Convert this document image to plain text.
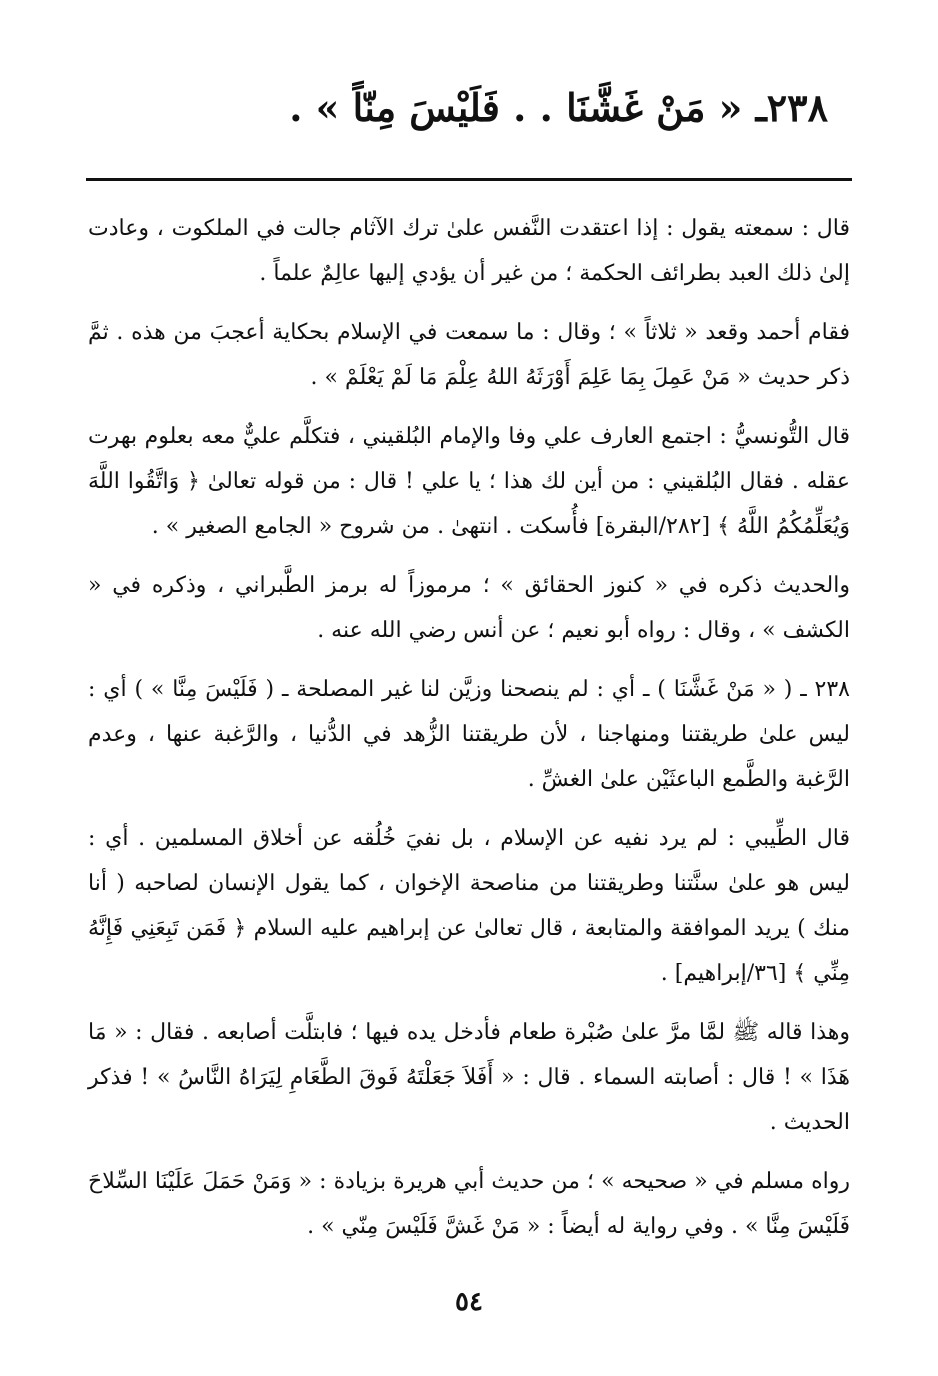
٢٣٨ـ « مَنْ غَشَّنَا . . فَلَيْسَ مِنّاً » .

قال : سمعته يقول : إذا اعتقدت النَّفس علىٰ ترك الآثام جالت في الملكوت ، وعادت إلىٰ ذلك العبد بطرائف الحكمة ؛ من غير أن يؤدي إليها عالِمٌ علماً .

فقام أحمد وقعد « ثلاثاً » ؛ وقال : ما سمعت في الإسلام بحكاية أعجبَ من هذه . ثمَّ ذكر حديث « مَنْ عَمِلَ بِمَا عَلِمَ أَوْرَثَهُ اللهُ عِلْمَ مَا لَمْ يَعْلَمْ » .

قال التُّونسيُّ : اجتمع العارف علي وفا والإمام البُلقيني ، فتكلَّم عليٌّ معه بعلوم بهرت عقله . فقال البُلقيني : من أين لك هذا ؛ يا علي ! قال : من قوله تعالىٰ ﴿ وَاتَّقُوا اللَّهَ وَيُعَلِّمُكُمُ اللَّهُ ﴾ [٢٨٢/البقرة] فأُسكت . انتهىٰ . من شروح « الجامع الصغير » .

والحديث ذكره في « كنوز الحقائق » ؛ مرموزاً له برمز الطَّبراني ، وذكره في « الكشف » ، وقال : رواه أبو نعيم ؛ عن أنس رضي الله عنه .

٢٣٨ ـ ( « مَنْ غَشَّنَا ) ـ أي : لم ينصحنا وزيَّن لنا غير المصلحة ـ ( فَلَيْسَ مِنَّا » ) أي : ليس علىٰ طريقتنا ومنهاجنا ، لأن طريقتنا الزُّهد في الدُّنيا ، والرَّغبة عنها ، وعدم الرَّغبة والطَّمع الباعثَيْن علىٰ الغشِّ .

قال الطِّيبي : لم يرد نفيه عن الإسلام ، بل نفيَ خُلُقه عن أخلاق المسلمين . أي : ليس هو علىٰ سنَّتنا وطريقتنا من مناصحة الإخوان ، كما يقول الإنسان لصاحبه ( أنا منك ) يريد الموافقة والمتابعة ، قال تعالىٰ عن إبراهيم عليه السلام ﴿ فَمَن تَبِعَنِي فَإِنَّهُ مِنِّي ﴾ [٣٦/إبراهيم] .

وهذا قاله ﷺ لمَّا مرَّ علىٰ صُبْرة طعام فأدخل يده فيها ؛ فابتلَّت أصابعه . فقال : « مَا هَذَا » ! قال : أصابته السماء . قال : « أَفَلاَ جَعَلْتَهُ فَوقَ الطَّعَامِ لِيَرَاهُ النَّاسُ » ! فذكر الحديث .

رواه مسلم في « صحيحه » ؛ من حديث أبي هريرة بزيادة : « وَمَنْ حَمَلَ عَلَيْنَا السِّلاحَ فَلَيْسَ مِنَّا » . وفي رواية له أيضاً : « مَنْ غَشَّ فَلَيْسَ مِنّي » .

٥٤
